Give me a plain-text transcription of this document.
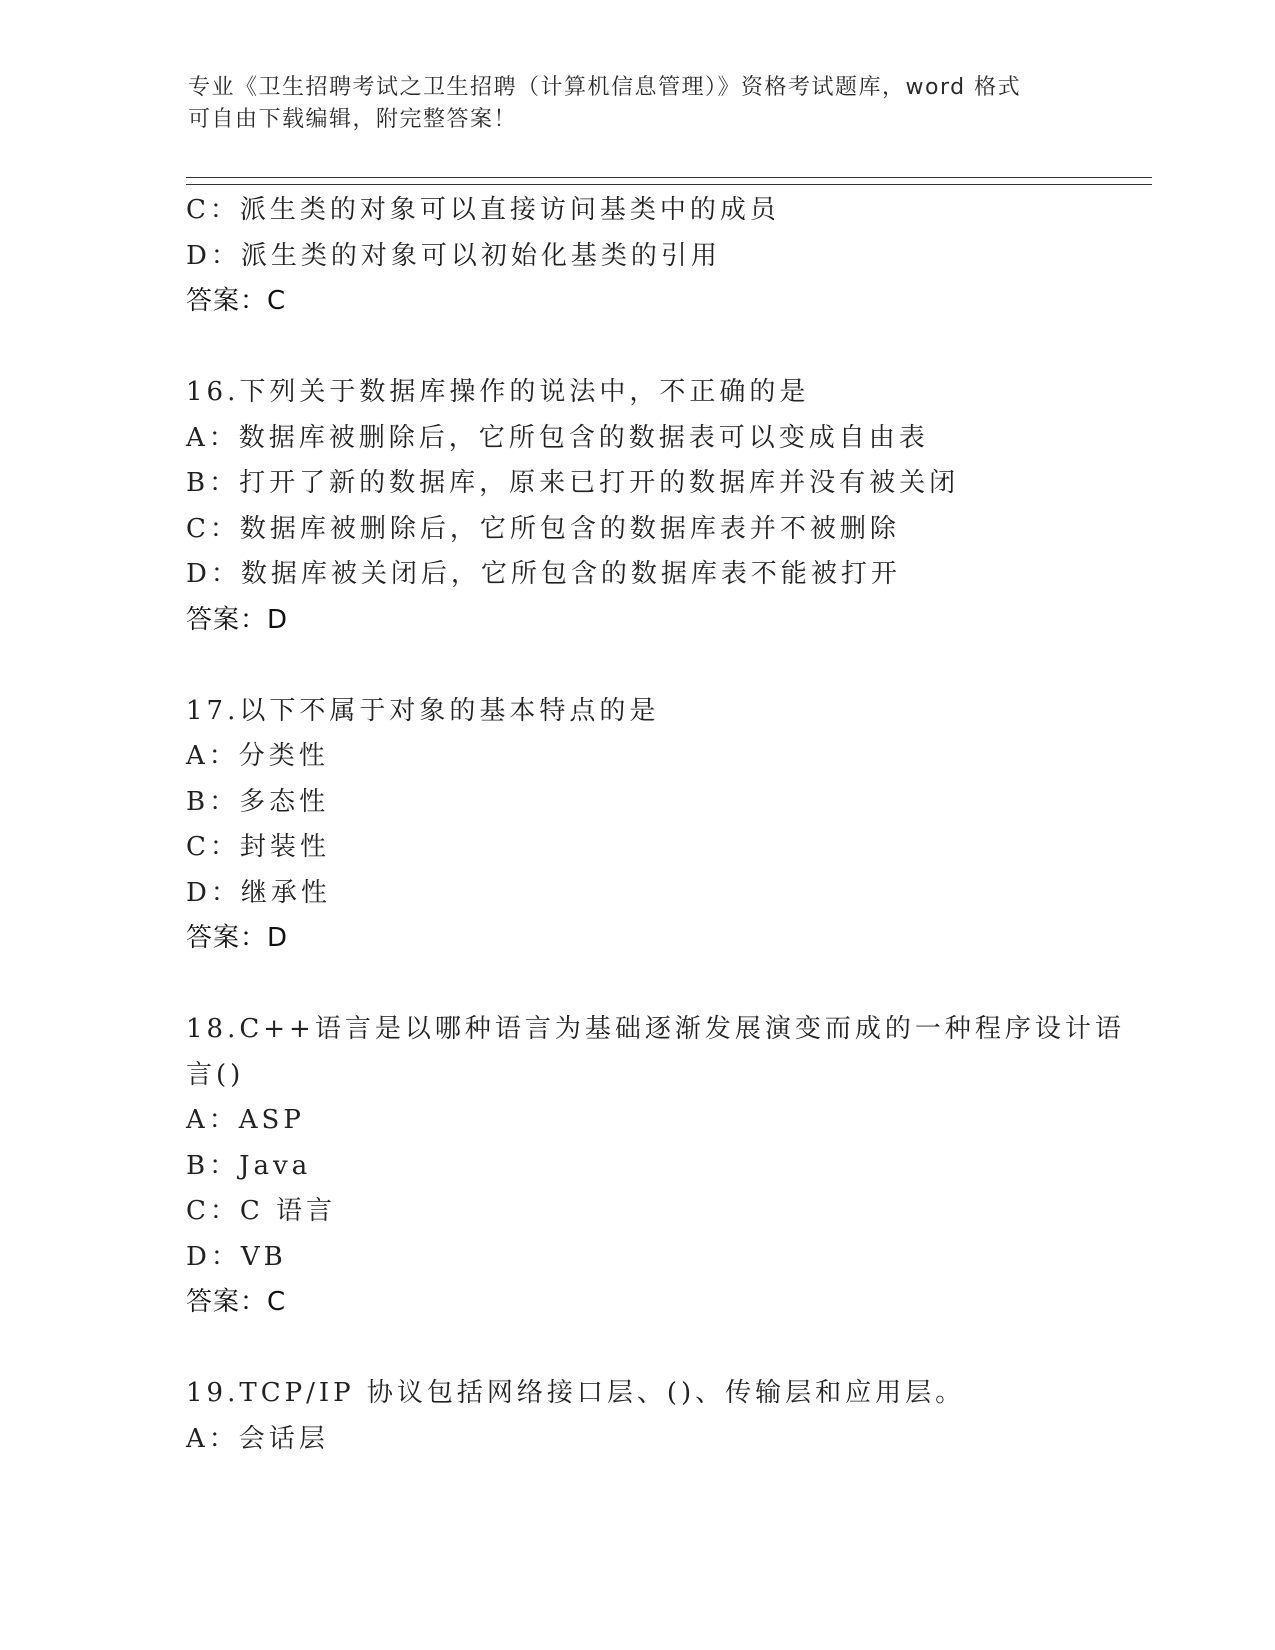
专业《卫生招聘考试之卫生招聘（计算机信息管理）》资格考试题库，word 格式
可自由下载编辑，附完整答案！
C：派生类的对象可以直接访问基类中的成员
D：派生类的对象可以初始化基类的引用
答案：C
16.下列关于数据库操作的说法中，不正确的是
A：数据库被删除后，它所包含的数据表可以变成自由表
B：打开了新的数据库，原来已打开的数据库并没有被关闭
C：数据库被删除后，它所包含的数据库表并不被删除
D：数据库被关闭后，它所包含的数据库表不能被打开
答案：D
17.以下不属于对象的基本特点的是
A：分类性
B：多态性
C：封装性
D：继承性
答案：D
18.C++语言是以哪种语言为基础逐渐发展演变而成的一种程序设计语
言()
A：ASP
B：Java
C：C 语言
D：VB
答案：C
19.TCP/IP 协议包括网络接口层、()、传输层和应用层。
A：会话层
